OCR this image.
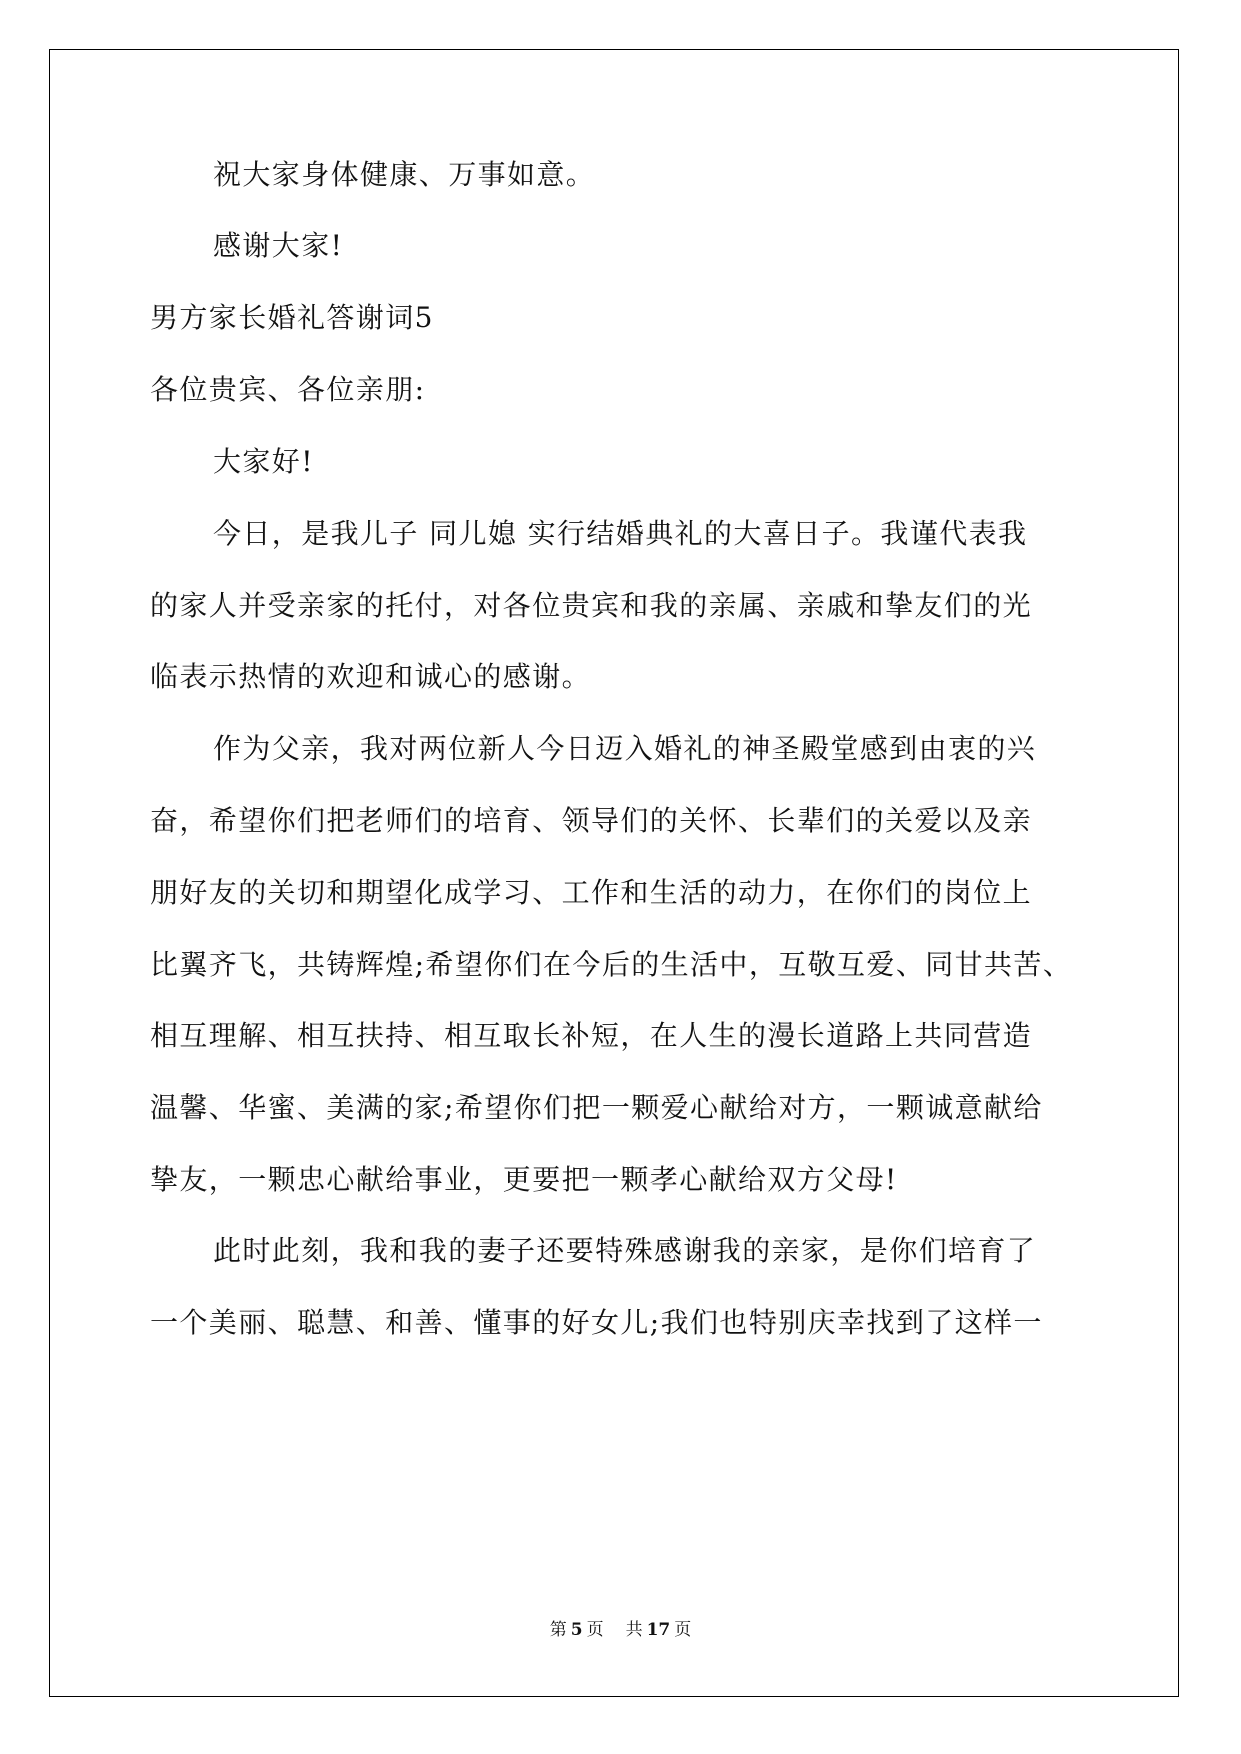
祝大家身体健康、万事如意。
感谢大家!
男方家长婚礼答谢词5
各位贵宾、各位亲朋:
大家好!
今日，是我儿子 同儿媳 实行结婚典礼的大喜日子。我谨代表我
的家人并受亲家的托付，对各位贵宾和我的亲属、亲戚和挚友们的光
临表示热情的欢迎和诚心的感谢。
作为父亲，我对两位新人今日迈入婚礼的神圣殿堂感到由衷的兴
奋，希望你们把老师们的培育、领导们的关怀、长辈们的关爱以及亲
朋好友的关切和期望化成学习、工作和生活的动力，在你们的岗位上
比翼齐飞，共铸辉煌;希望你们在今后的生活中，互敬互爱、同甘共苦、
相互理解、相互扶持、相互取长补短，在人生的漫长道路上共同营造
温馨、华蜜、美满的家;希望你们把一颗爱心献给对方，一颗诚意献给
挚友，一颗忠心献给事业，更要把一颗孝心献给双方父母!
此时此刻，我和我的妻子还要特殊感谢我的亲家，是你们培育了
一个美丽、聪慧、和善、懂事的好女儿;我们也特别庆幸找到了这样一
第 5 页 共 17 页
